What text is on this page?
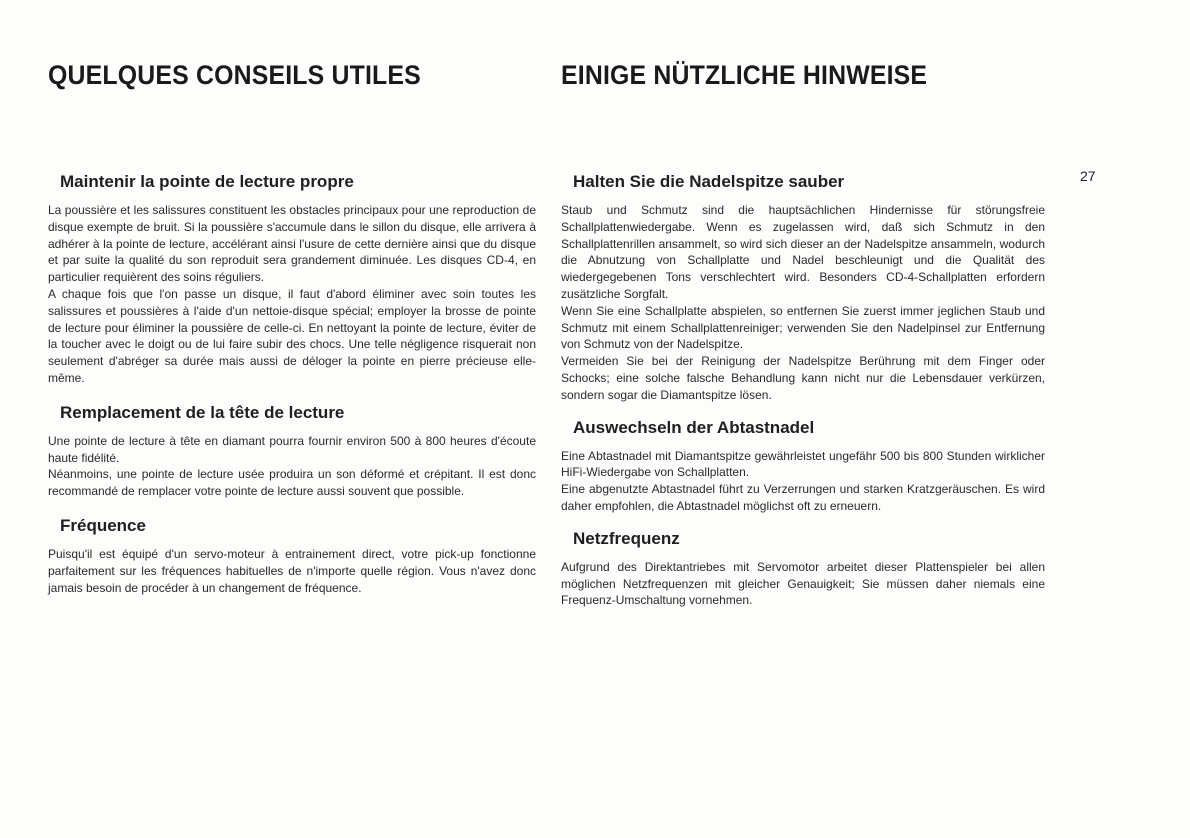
QUELQUES CONSEILS UTILES
Maintenir la pointe de lecture propre

La poussière et les salissures constituent les obstacles principaux pour une reproduction de disque exempte de bruit. Si la poussière s'accumule dans le sillon du disque, elle arrivera à adhérer à la pointe de lecture, accélérant ainsi l'usure de cette dernière ainsi que du disque et par suite la qualité du son reproduit sera grandement diminuée. Les disques CD-4, en particulier requièrent des soins réguliers.

A chaque fois que l'on passe un disque, il faut d'abord éliminer avec soin toutes les salissures et poussières à l'aide d'un nettoie-disque spécial; employer la brosse de pointe de lecture pour éliminer la poussière de celle-ci. En nettoyant la pointe de lecture, éviter de la toucher avec le doigt ou de lui faire subir des chocs. Une telle négligence risquerait non seulement d'abréger sa durée mais aussi de déloger la pointe en pierre précieuse elle-même.

Remplacement de la tête de lecture

Une pointe de lecture à tête en diamant pourra fournir environ 500 à 800 heures d'écoute haute fidélité.

Néanmoins, une pointe de lecture usée produira un son déformé et crépitant. Il est donc recommandé de remplacer votre pointe de lecture aussi souvent que possible.

Fréquence

Puisqu'il est équipé d'un servo-moteur à entrainement direct, votre pick-up fonctionne parfaitement sur les fréquences habituelles de n'importe quelle région. Vous n'avez donc jamais besoin de procéder à un changement de fréquence.

EINIGE NÜTZLICHE HINWEISE
Halten Sie die Nadelspitze sauber

Staub und Schmutz sind die hauptsächlichen Hindernisse für störungsfreie Schallplattenwiedergabe. Wenn es zugelassen wird, daß sich Schmutz in den Schallplattenrillen ansammelt, so wird sich dieser an der Nadelspitze ansammeln, wodurch die Abnutzung von Schallplatte und Nadel beschleunigt und die Qualität des wiedergegebenen Tons verschlechtert wird. Besonders CD-4-Schallplatten erfordern zusätzliche Sorgfalt.

Wenn Sie eine Schallplatte abspielen, so entfernen Sie zuerst immer jeglichen Staub und Schmutz mit einem Schallplattenreiniger; verwenden Sie den Nadelpinsel zur Entfernung von Schmutz von der Nadelspitze.

Vermeiden Sie bei der Reinigung der Nadelspitze Berührung mit dem Finger oder Schocks; eine solche falsche Behandlung kann nicht nur die Lebensdauer verkürzen, sondern sogar die Diamantspitze lösen.

Auswechseln der Abtastnadel

Eine Abtastnadel mit Diamantspitze gewährleistet ungefähr 500 bis 800 Stunden wirklicher HiFi-Wiedergabe von Schallplatten.

Eine abgenutzte Abtastnadel führt zu Verzerrungen und starken Kratzgeräuschen. Es wird daher empfohlen, die Abtastnadel möglichst oft zu erneuern.

Netzfrequenz

Aufgrund des Direktantriebes mit Servomotor arbeitet dieser Plattenspieler bei allen möglichen Netzfrequenzen mit gleicher Genauigkeit; Sie müssen daher niemals eine Frequenz-Umschaltung vornehmen.

27
